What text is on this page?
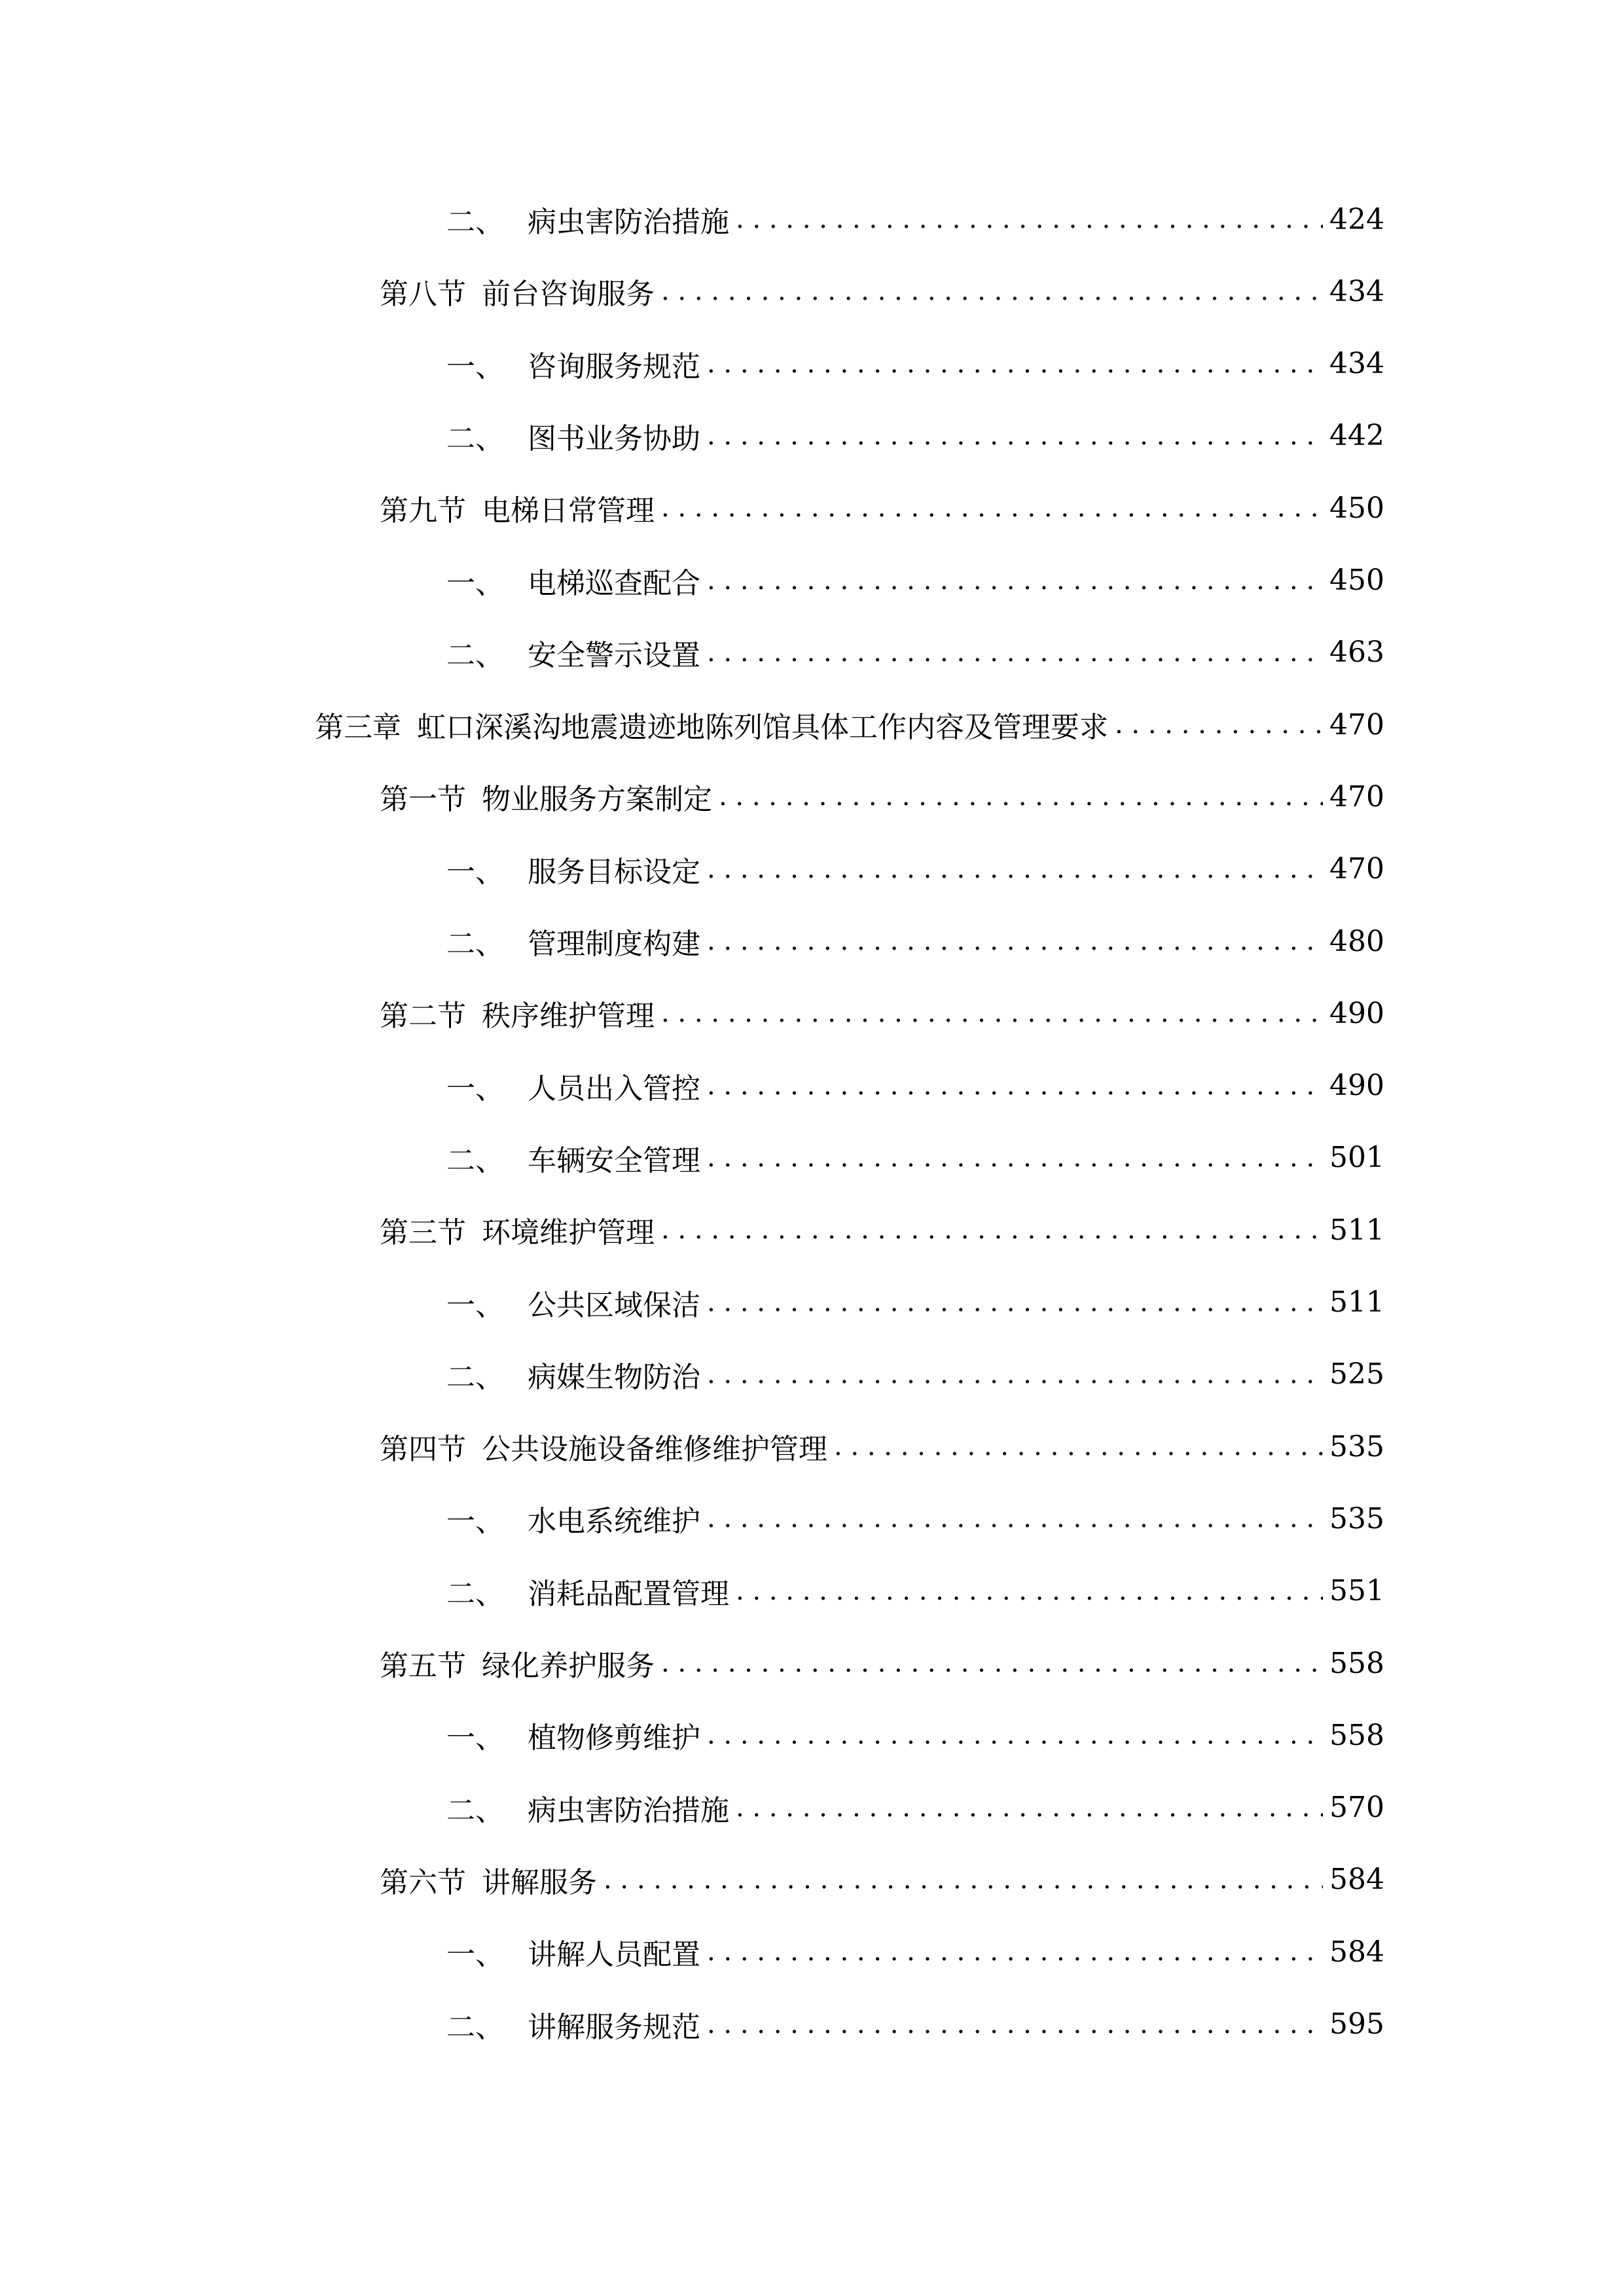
二、 病虫害防治措施 . . .	424
第八节 前台咨询服务 . . .	434
一、 咨询服务规范 . . .	434
二、 图书业务协助 . . .	442
第九节 电梯日常管理 . . .	450
一、 电梯巡查配合 . . .	450
二、 安全警示设置 . . .	463
第三章 虹口深溪沟地震遗迹地陈列馆具体工作内容及管理要求 . . .	470
第一节 物业服务方案制定 . . .	470
一、 服务目标设定 . . .	470
二、 管理制度构建 . . .	480
第二节 秩序维护管理 . . .	490
一、 人员出入管控 . . .	490
二、 车辆安全管理 . . .	501
第三节 环境维护管理 . . .	511
一、 公共区域保洁 . . .	511
二、 病媒生物防治 . . .	525
第四节 公共设施设备维修维护管理 . . .	535
一、 水电系统维护 . . .	535
二、 消耗品配置管理 . . .	551
第五节 绿化养护服务 . . .	558
一、 植物修剪维护 . . .	558
二、 病虫害防治措施 . . .	570
第六节 讲解服务 . . .	584
一、 讲解人员配置 . . .	584
二、 讲解服务规范 . . .	595
